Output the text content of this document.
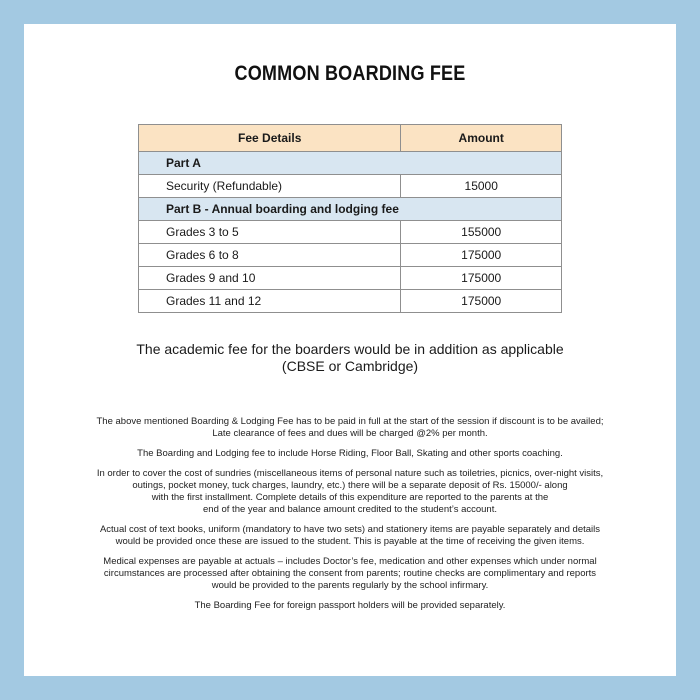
COMMON BOARDING FEE
Fee Details	Amount
Part A	
Security (Refundable)	15000
Part B - Annual boarding and lodging fee	
Grades 3 to 5	155000
Grades 6 to 8	175000
Grades 9 and 10	175000
Grades 11 and 12	175000
The academic fee for the boarders would be in addition as applicable
(CBSE or Cambridge)

The above mentioned Boarding & Lodging Fee has to be paid in full at the start of the session if discount is to be availed;
Late clearance of fees and dues will be charged @2% per month.

The Boarding and Lodging fee to include Horse Riding, Floor Ball, Skating and other sports coaching.

In order to cover the cost of sundries (miscellaneous items of personal nature such as toiletries, picnics, over-night visits,
outings, pocket money, tuck charges, laundry, etc.) there will be a separate deposit of Rs. 15000/- along
with the first installment. Complete details of this expenditure are reported to the parents at the
end of the year and balance amount credited to the student’s account.

Actual cost of text books, uniform (mandatory to have two sets) and stationery items are payable separately and details
would be provided once these are issued to the student. This is payable at the time of receiving the given items.

Medical expenses are payable at actuals – includes Doctor’s fee, medication and other expenses which under normal
circumstances are processed after obtaining the consent from parents; routine checks are complimentary and reports
would be provided to the parents regularly by the school infirmary.

The Boarding Fee for foreign passport holders will be provided separately.
